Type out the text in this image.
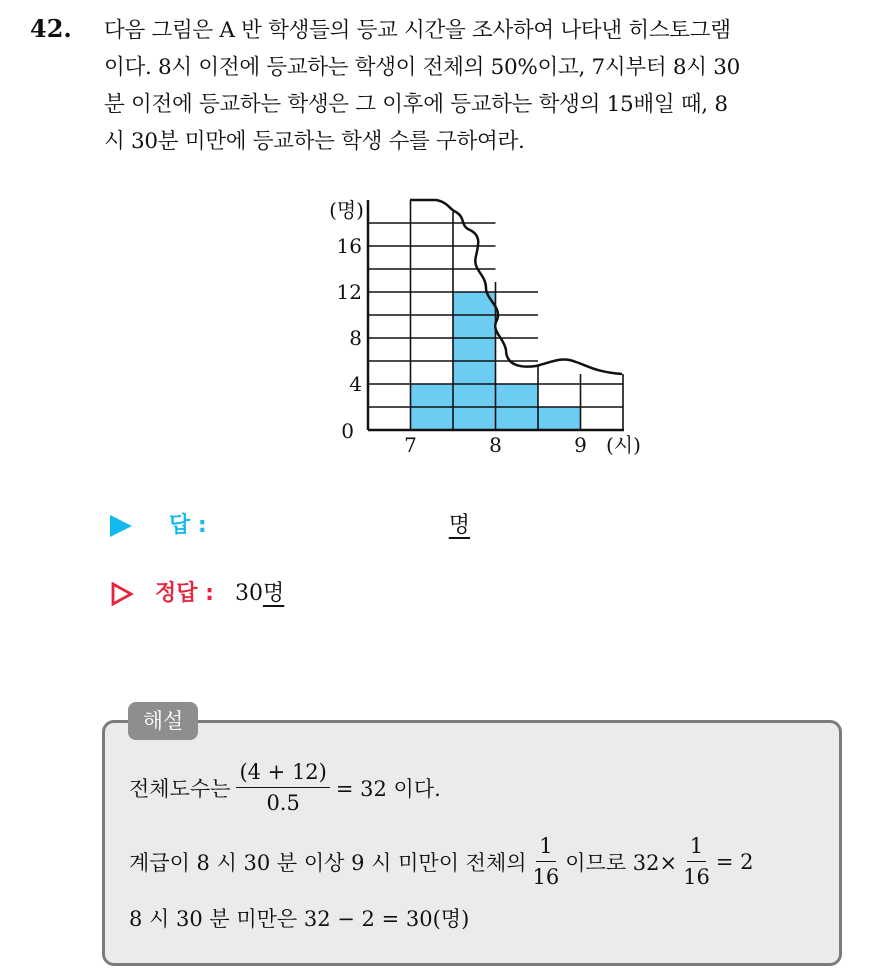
42. 다음 그림은 A 반 학생들의 등교 시간을 조사하여 나타낸 히스토그램
이다. 8시 이전에 등교하는 학생이 전체의 50%이고, 7시부터 8시 30
분 이전에 등교하는 학생은 그 이후에 등교하는 학생의 15배일 때, 8
시 30분 미만에 등교하는 학생 수를 구하여라.
(명)
0
4
8
12
16
7	8	9 (시)
답 :	명
정답 : 30명
해설
전체도수는 $\frac{(4 + 12)}{0.5} = 32$ 이다.
계급이 8 시 30 분 이상 9 시 미만이 전체의 $\frac{1}{16}$ 이므로 $32\times \frac{1}{16} = 2$
8 시 30 분 미만은 32 − 2 = 30(명)
